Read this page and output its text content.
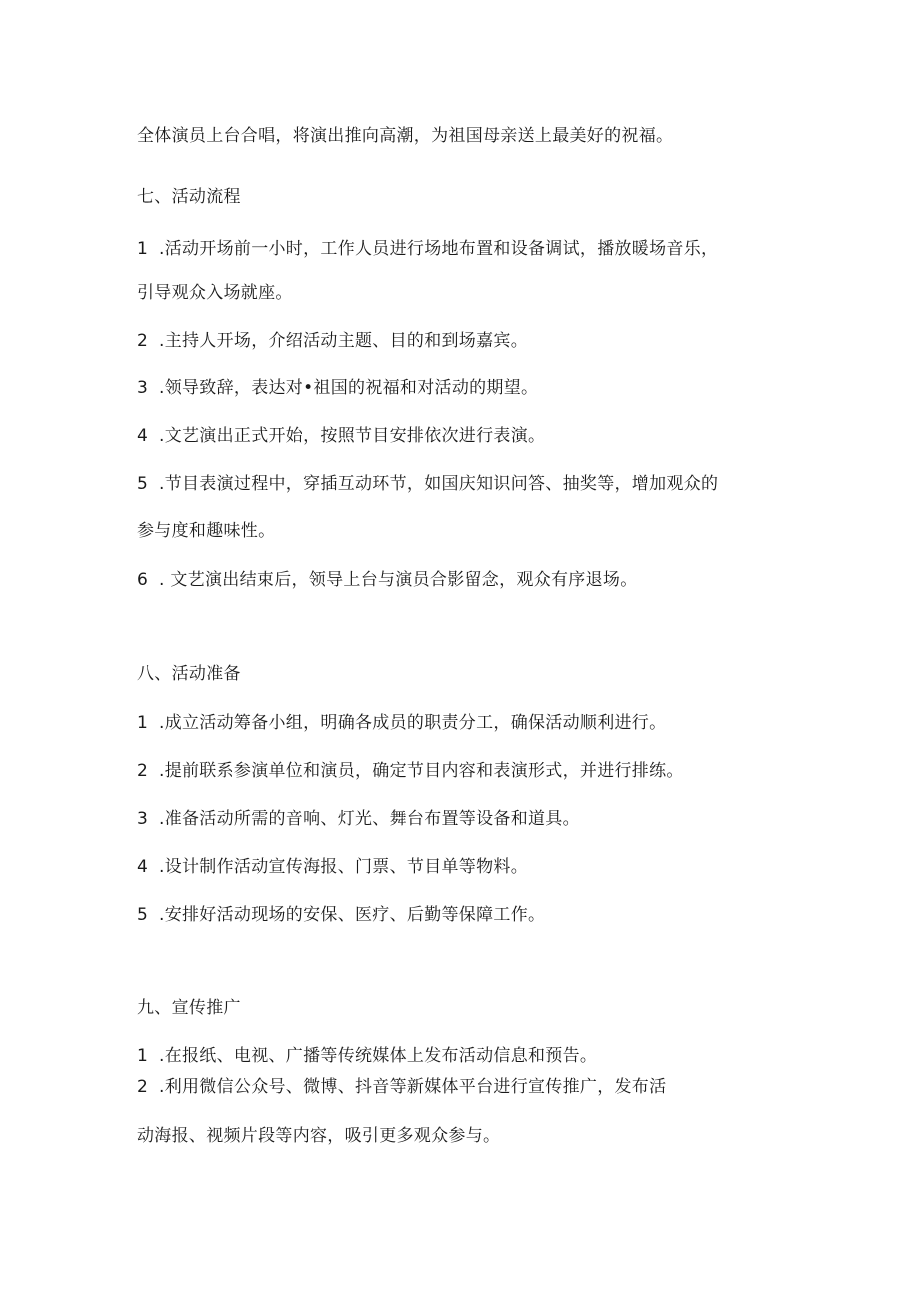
全体演员上台合唱，将演出推向高潮，为祖国母亲送上最美好的祝福。
七、活动流程
1 .活动开场前一小时，工作人员进行场地布置和设备调试，播放暖场音乐，
引导观众入场就座。
2 .主持人开场，介绍活动主题、目的和到场嘉宾。
3 .领导致辞，表达对•祖国的祝福和对活动的期望。
4 .文艺演出正式开始，按照节目安排依次进行表演。
5 .节目表演过程中，穿插互动环节，如国庆知识问答、抽奖等，增加观众的
参与度和趣味性。
6 . 文艺演出结束后，领导上台与演员合影留念，观众有序退场。
八、活动准备
1 .成立活动筹备小组，明确各成员的职责分工，确保活动顺利进行。
2 .提前联系参演单位和演员，确定节目内容和表演形式，并进行排练。
3 .准备活动所需的音响、灯光、舞台布置等设备和道具。
4 .设计制作活动宣传海报、门票、节目单等物料。
5 .安排好活动现场的安保、医疗、后勤等保障工作。
九、宣传推广
1 .在报纸、电视、广播等传统媒体上发布活动信息和预告。
2 .利用微信公众号、微博、抖音等新媒体平台进行宣传推广，发布活
动海报、视频片段等内容，吸引更多观众参与。
